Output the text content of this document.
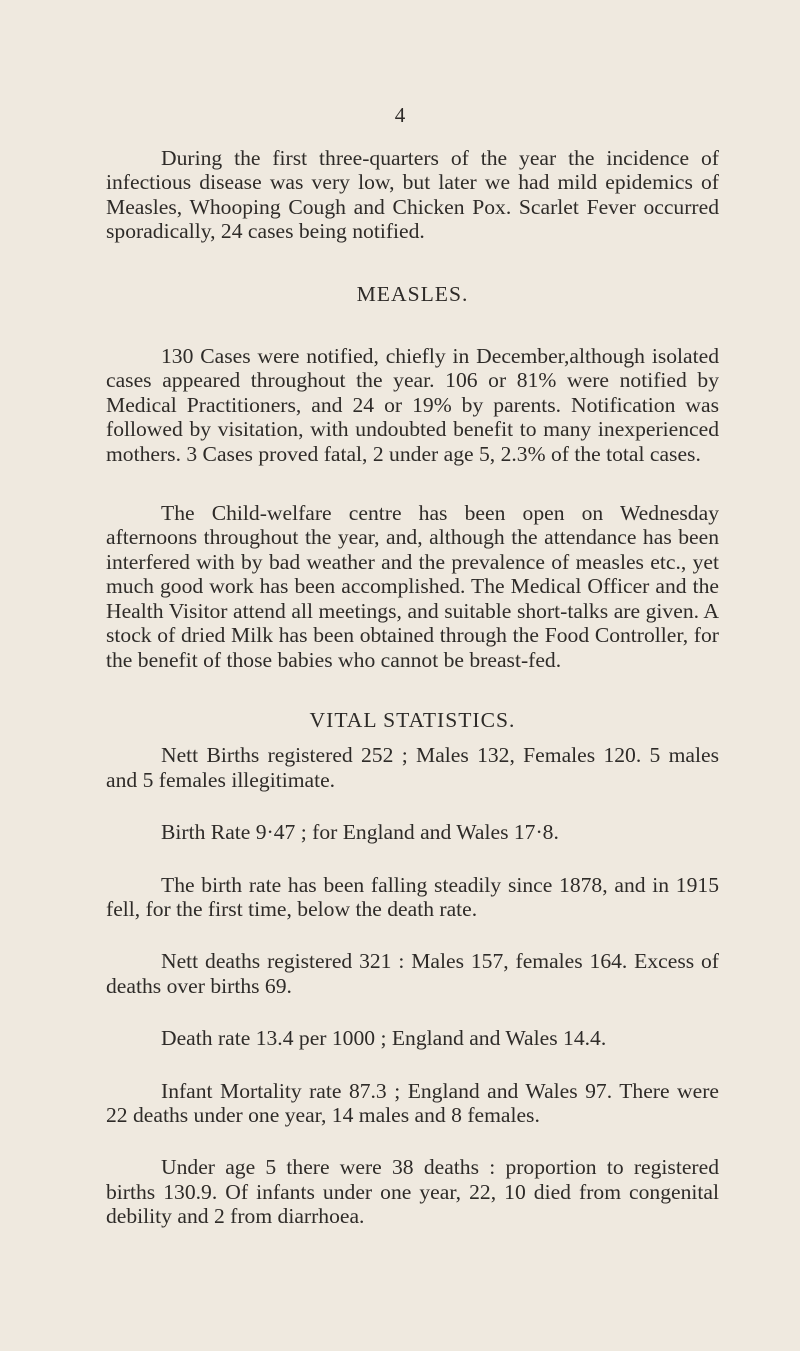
4

During the first three-quarters of the year the incidence of infectious disease was very low, but later we had mild epidemics of Measles, Whooping Cough and Chicken Pox. Scarlet Fever occurred sporadically, 24 cases being notified.

MEASLES.

130 Cases were notified, chiefly in December,although isolated cases appeared throughout the year. 106 or 81% were notified by Medical Practitioners, and 24 or 19% by parents. Notification was followed by visitation, with undoubted benefit to many inexperienced mothers. 3 Cases proved fatal, 2 under age 5, 2.3% of the total cases.

The Child-welfare centre has been open on Wednesday afternoons throughout the year, and, although the attendance has been interfered with by bad weather and the prevalence of measles etc., yet much good work has been accomplished. The Medical Officer and the Health Visitor attend all meetings, and suitable short-talks are given. A stock of dried Milk has been obtained through the Food Controller, for the benefit of those babies who cannot be breast-fed.

VITAL STATISTICS.

Nett Births registered 252 ; Males 132, Females 120. 5 males and 5 females illegitimate.

Birth Rate 9·47 ; for England and Wales 17·8.

The birth rate has been falling steadily since 1878, and in 1915 fell, for the first time, below the death rate.

Nett deaths registered 321 : Males 157, females 164. Excess of deaths over births 69.

Death rate 13.4 per 1000 ; England and Wales 14.4.

Infant Mortality rate 87.3 ; England and Wales 97. There were 22 deaths under one year, 14 males and 8 females.

Under age 5 there were 38 deaths : proportion to registered births 130.9. Of infants under one year, 22, 10 died from congenital debility and 2 from diarrhoea.
